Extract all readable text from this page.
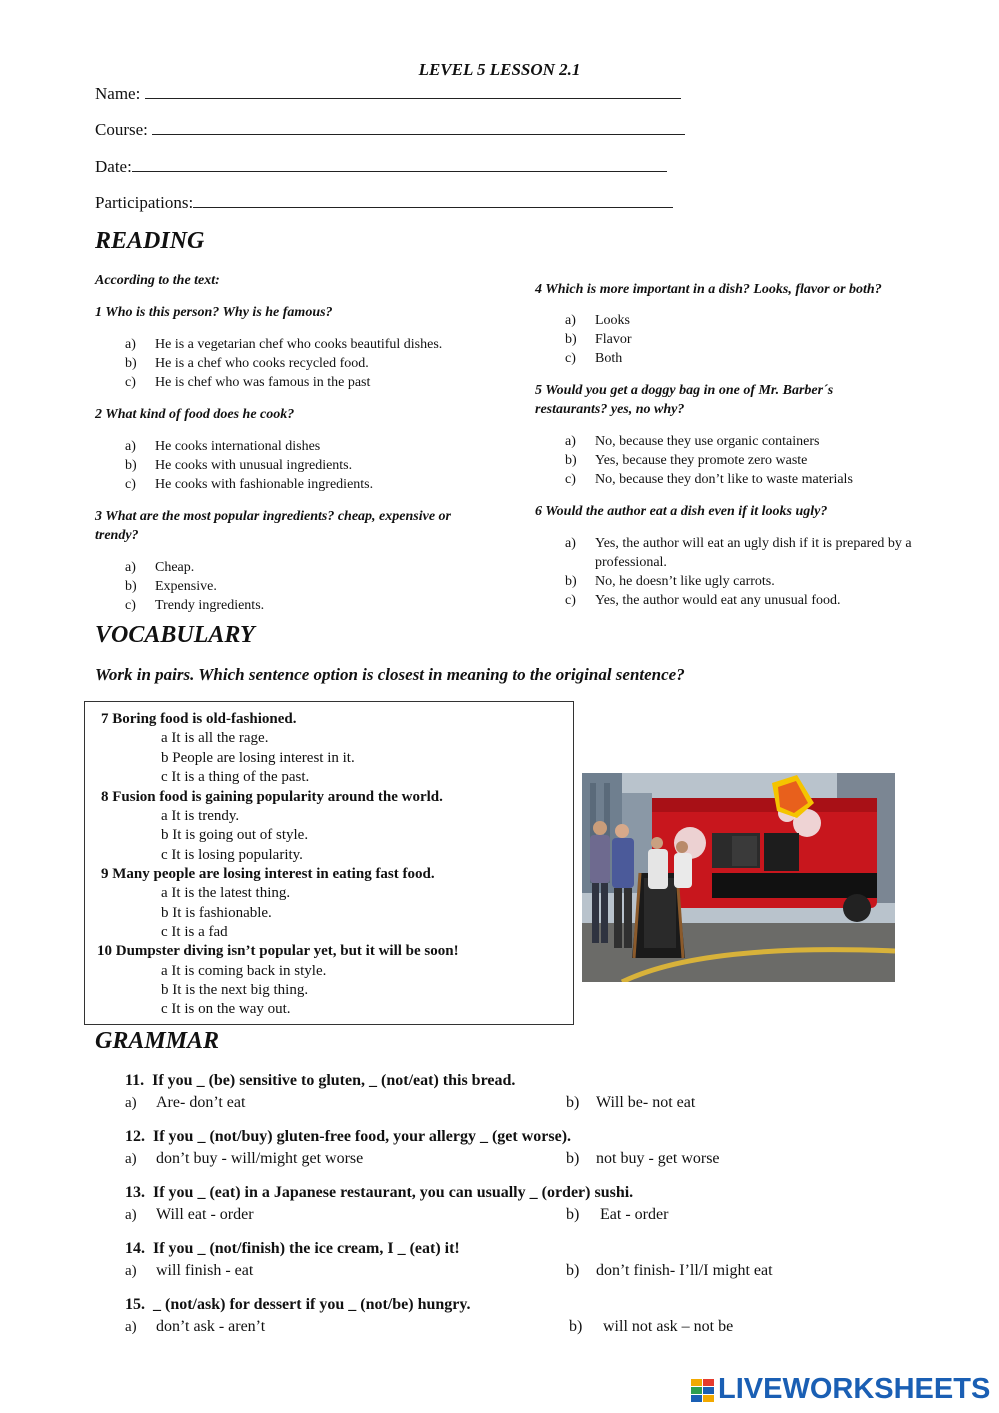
LEVEL 5 LESSON 2.1
Name:
Course:
Date:
Participations:
READING
According to the text:
1 Who is this person? Why is he famous?
a)	He is a vegetarian chef who cooks beautiful dishes.
b)	He is a chef who cooks recycled food.
c)	He is chef who was famous in the past
2 What kind of food does he cook?
a)	He cooks international dishes
b)	He cooks with unusual ingredients.
c)	He cooks with fashionable ingredients.
3 What are the most popular ingredients? cheap, expensive or trendy?
a)	Cheap.
b)	Expensive.
c)	Trendy ingredients.
4 Which is more important in a dish? Looks, flavor or both?
a)	Looks
b)	Flavor
c)	Both
5 Would you get a doggy bag in one of Mr. Barber´s restaurants? yes, no why?
a)	No, because they use organic containers
b)	Yes, because they promote zero waste
c)	No, because they don’t like to waste materials
6 Would the author eat a dish even if it looks ugly?
a)	Yes, the author will eat an ugly dish if it is prepared by a professional.
b)	No, he doesn’t like ugly carrots.
c)	Yes, the author would eat any unusual food.
VOCABULARY
Work in pairs. Which sentence option is closest in meaning to the original sentence?
7 Boring food is old-fashioned.
a It is all the rage.
b People are losing interest in it.
c It is a thing of the past.
8 Fusion food is gaining popularity around the world.
a It is trendy.
b It is going out of style.
c It is losing popularity.
9 Many people are losing interest in eating fast food.
a It is the latest thing.
b It is fashionable.
c It is a fad
10 Dumpster diving isn’t popular yet, but it will be soon!
a It is coming back in style.
b It is the next big thing.
c It is on the way out.
GRAMMAR
11. If you _ (be) sensitive to gluten, _ (not/eat) this bread.
a) Are- don’t eat	b) Will be- not eat
12. If you _ (not/buy) gluten-free food, your allergy _ (get worse).
a) don’t buy - will/might get worse	b) not buy - get worse
13. If you _ (eat) in a Japanese restaurant, you can usually _ (order) sushi.
a) Will eat - order	b) Eat - order
14. If you _ (not/finish) the ice cream, I _ (eat) it!
a) will finish - eat	b) don’t finish- I’ll/I might eat
15. _ (not/ask) for dessert if you _ (not/be) hungry.
a) don’t ask - aren’t	b) will not ask – not be
LIVEWORKSHEETS
